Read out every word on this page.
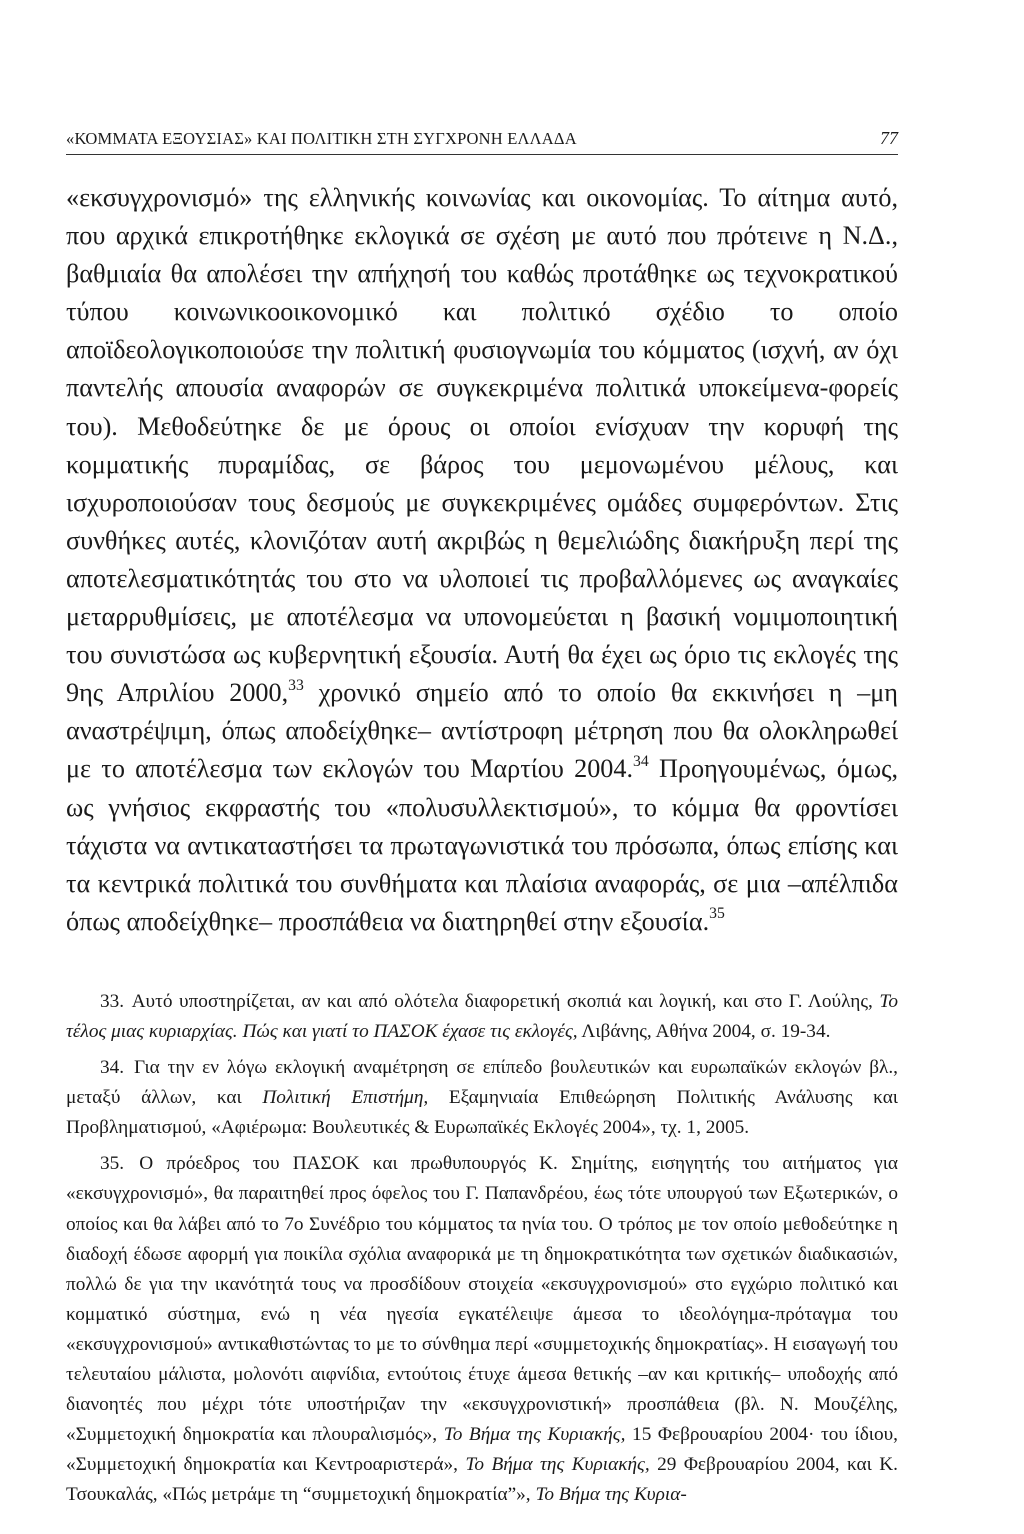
«ΚΟΜΜΑΤΑ ΕΞΟΥΣΙΑΣ» ΚΑΙ ΠΟΛΙΤΙΚΗ ΣΤΗ ΣΥΓΧΡΟΝΗ ΕΛΛΑΔΑ	77

«εκσυγχρονισμό» της ελληνικής κοινωνίας και οικονομίας. Το αίτημα αυτό, που αρχικά επικροτήθηκε εκλογικά σε σχέση με αυτό που πρότεινε η Ν.Δ., βαθμιαία θα απολέσει την απήχησή του καθώς προτάθηκε ως τεχνοκρατικού τύπου κοινωνικοοικονομικό και πολιτικό σχέδιο το οποίο αποϊδεολογικοποιούσε την πολιτική φυσιογνωμία του κόμματος (ισχνή, αν όχι παντελής απουσία αναφορών σε συγκεκριμένα πολιτικά υποκείμενα-φορείς του). Μεθοδεύτηκε δε με όρους οι οποίοι ενίσχυαν την κορυφή της κομματικής πυραμίδας, σε βάρος του μεμονωμένου μέλους, και ισχυροποιούσαν τους δεσμούς με συγκεκριμένες ομάδες συμφερόντων. Στις συνθήκες αυτές, κλονιζόταν αυτή ακριβώς η θεμελιώδης διακήρυξη περί της αποτελεσματικότητάς του στο να υλοποιεί τις προβαλλόμενες ως αναγκαίες μεταρρυθμίσεις, με αποτέλεσμα να υπονομεύεται η βασική νομιμοποιητική του συνιστώσα ως κυβερνητική εξουσία. Αυτή θα έχει ως όριο τις εκλογές της 9ης Απριλίου 2000,33 χρονικό σημείο από το οποίο θα εκκινήσει η –μη αναστρέψιμη, όπως αποδείχθηκε– αντίστροφη μέτρηση που θα ολοκληρωθεί με το αποτέλεσμα των εκλογών του Μαρτίου 2004.34 Προηγουμένως, όμως, ως γνήσιος εκφραστής του «πολυσυλλεκτισμού», το κόμμα θα φροντίσει τάχιστα να αντικαταστήσει τα πρωταγωνιστικά του πρόσωπα, όπως επίσης και τα κεντρικά πολιτικά του συνθήματα και πλαίσια αναφοράς, σε μια –απέλπιδα όπως αποδείχθηκε– προσπάθεια να διατηρηθεί στην εξουσία.$^{35}$

33. Αυτό υποστηρίζεται, αν και από ολότελα διαφορετική σκοπιά και λογική, και στο Γ. Λούλης, Το τέλος μιας κυριαρχίας. Πώς και γιατί το ΠΑΣΟΚ έχασε τις εκλογές, Λιβάνης, Αθήνα 2004, σ. 19-34.

34. Για την εν λόγω εκλογική αναμέτρηση σε επίπεδο βουλευτικών και ευρωπαϊκών εκλογών βλ., μεταξύ άλλων, και Πολιτική Επιστήμη, Εξαμηνιαία Επιθεώρηση Πολιτικής Ανάλυσης και Προβληματισμού, «Αφιέρωμα: Βουλευτικές & Ευρωπαϊκές Εκλογές 2004», τχ. 1, 2005.

35. Ο πρόεδρος του ΠΑΣΟΚ και πρωθυπουργός Κ. Σημίτης, εισηγητής του αιτήματος για «εκσυγχρονισμό», θα παραιτηθεί προς όφελος του Γ. Παπανδρέου, έως τότε υπουργού των Εξωτερικών, ο οποίος και θα λάβει από το 7ο Συνέδριο του κόμματος τα ηνία του. Ο τρόπος με τον οποίο μεθοδεύτηκε η διαδοχή έδωσε αφορμή για ποικίλα σχόλια αναφορικά με τη δημοκρατικότητα των σχετικών διαδικασιών, πολλώ δε για την ικανότητά τους να προσδίδουν στοιχεία «εκσυγχρονισμού» στο εγχώριο πολιτικό και κομματικό σύστημα, ενώ η νέα ηγεσία εγκατέλειψε άμεσα το ιδεολόγημα-πρόταγμα του «εκσυγχρονισμού» αντικαθιστώντας το με το σύνθημα περί «συμμετοχικής δημοκρατίας». Η εισαγωγή του τελευταίου μάλιστα, μολονότι αιφνίδια, εντούτοις έτυχε άμεσα θετικής –αν και κριτικής– υποδοχής από διανοητές που μέχρι τότε υποστήριζαν την «εκσυγχρονιστική» προσπάθεια (βλ. Ν. Μουζέλης, «Συμμετοχική δημοκρατία και πλουραλισμός», Το Βήμα της Κυριακής, 15 Φεβρουαρίου 2004· του ίδιου, «Συμμετοχική δημοκρατία και Κεντροαριστερά», Το Βήμα της Κυριακής, 29 Φεβρουαρίου 2004, και Κ. Τσουκαλάς, «Πώς μετράμε τη “συμμετοχική δημοκρατία”», Το Βήμα της Κυρια-
